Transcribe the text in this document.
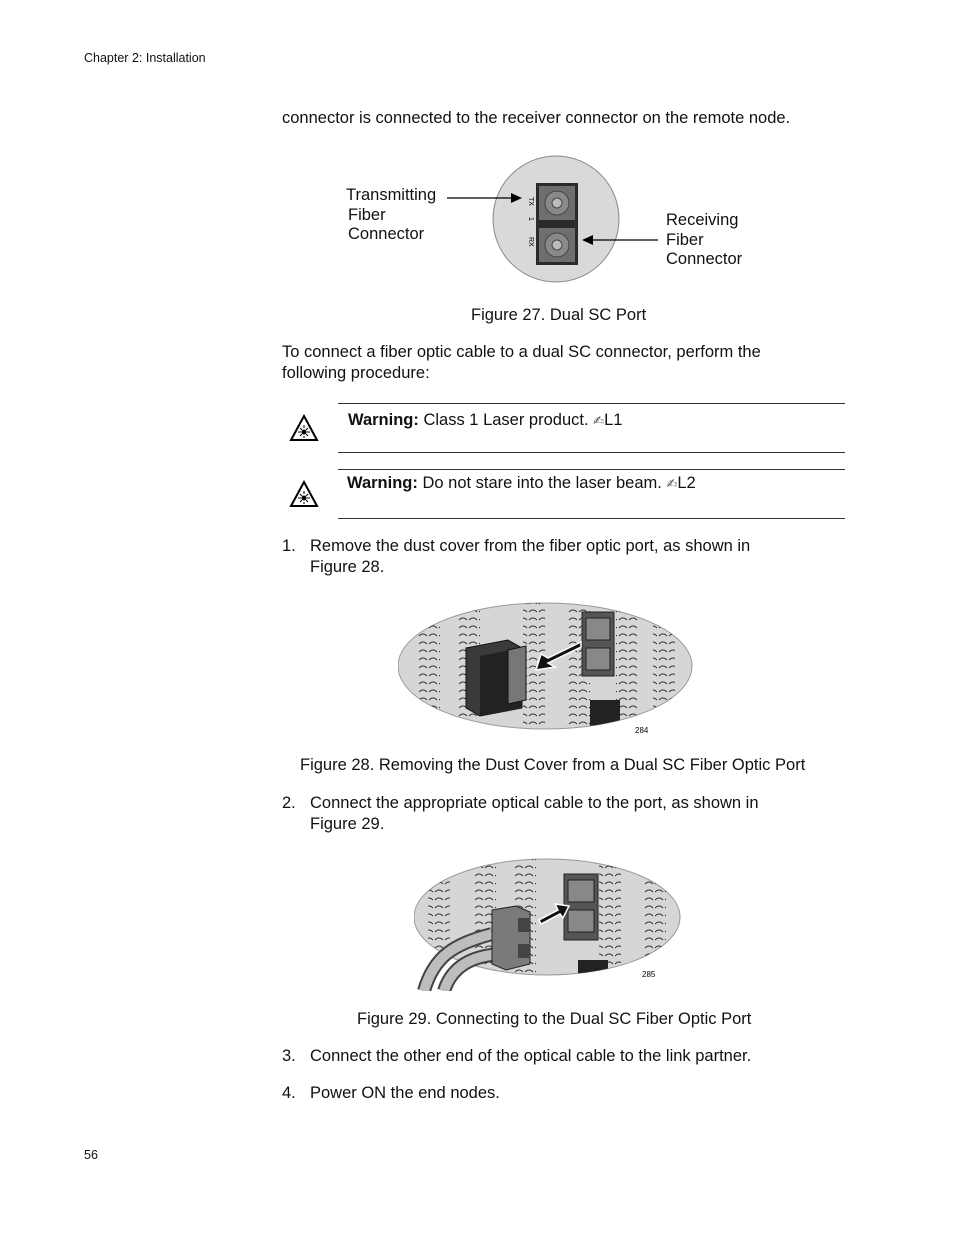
Chapter 2: Installation
connector is connected to the receiver connector on the remote node.
Transmitting
Fiber
Connector
Receiving
Fiber
Connector
TX
1
RX
Figure 27. Dual SC Port
To connect a fiber optic cable to a dual SC connector, perform the following procedure:
Warning: Class 1 Laser product. ✍L1
Warning: Do not stare into the laser beam. ✍L2
1. Remove the dust cover from the fiber optic port, as shown in Figure 28.
284
Figure 28. Removing the Dust Cover from a Dual SC Fiber Optic Port
2. Connect the appropriate optical cable to the port, as shown in Figure 29.
285
Figure 29. Connecting to the Dual SC Fiber Optic Port
3. Connect the other end of the optical cable to the link partner.
4. Power ON the end nodes.
56
